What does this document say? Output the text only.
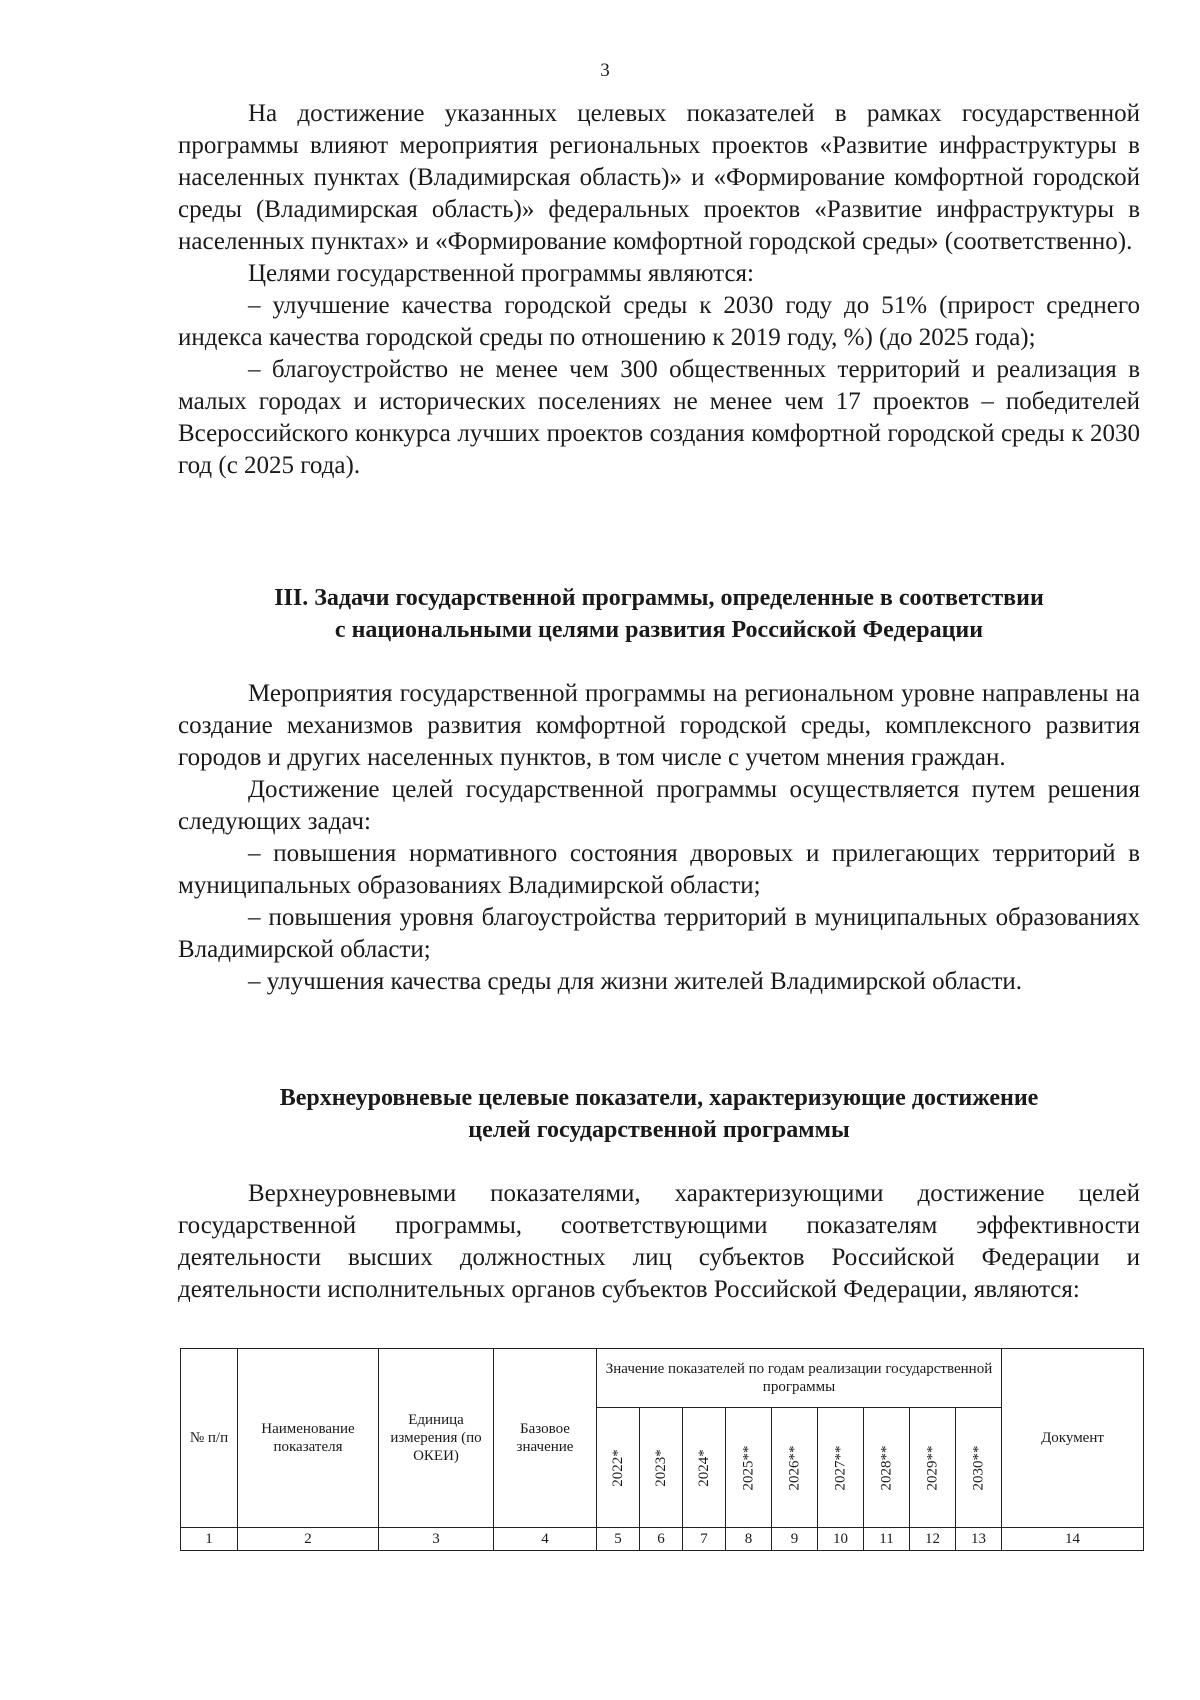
3

На достижение указанных целевых показателей в рамках государственной программы влияют мероприятия региональных проектов «Развитие инфраструктуры в населенных пунктах (Владимирская область)» и «Формирование комфортной городской среды (Владимирская область)» федеральных проектов «Развитие инфраструктуры в населенных пунктах» и «Формирование комфортной городской среды» (соответственно).

Целями государственной программы являются:

– улучшение качества городской среды к 2030 году до 51% (прирост среднего индекса качества городской среды по отношению к 2019 году, %) (до 2025 года);

– благоустройство не менее чем 300 общественных территорий и реализация в малых городах и исторических поселениях не менее чем 17 проектов – победителей Всероссийского конкурса лучших проектов создания комфортной городской среды к 2030 год (с 2025 года).

III. Задачи государственной программы, определенные в соответствии

с национальными целями развития Российской Федерации

Мероприятия государственной программы на региональном уровне направлены на создание механизмов развития комфортной городской среды, комплексного развития городов и других населенных пунктов, в том числе с учетом мнения граждан.

Достижение целей государственной программы осуществляется путем решения следующих задач:

– повышения нормативного состояния дворовых и прилегающих территорий в муниципальных образованиях Владимирской области;

– повышения уровня благоустройства территорий в муниципальных образованиях Владимирской области;

– улучшения качества среды для жизни жителей Владимирской области.

Верхнеуровневые целевые показатели, характеризующие достижение

целей государственной программы

Верхнеуровневыми показателями, характеризующими достижение целей государственной программы, соответствующими показателям эффективности деятельности высших должностных лиц субъектов Российской Федерации и деятельности исполнительных органов субъектов Российской Федерации, являются:

№ п/п	Наименование показателя	Единица измерения (по ОКЕИ)	Базовое значение	Значение показателей по годам реализации государственной программы									Документ
				2022*	2023*	2024*	2025**	2026**	2027**	2028**	2029**	2030**	
1	2	3	4	5	6	7	8	9	10	11	12	13	14
